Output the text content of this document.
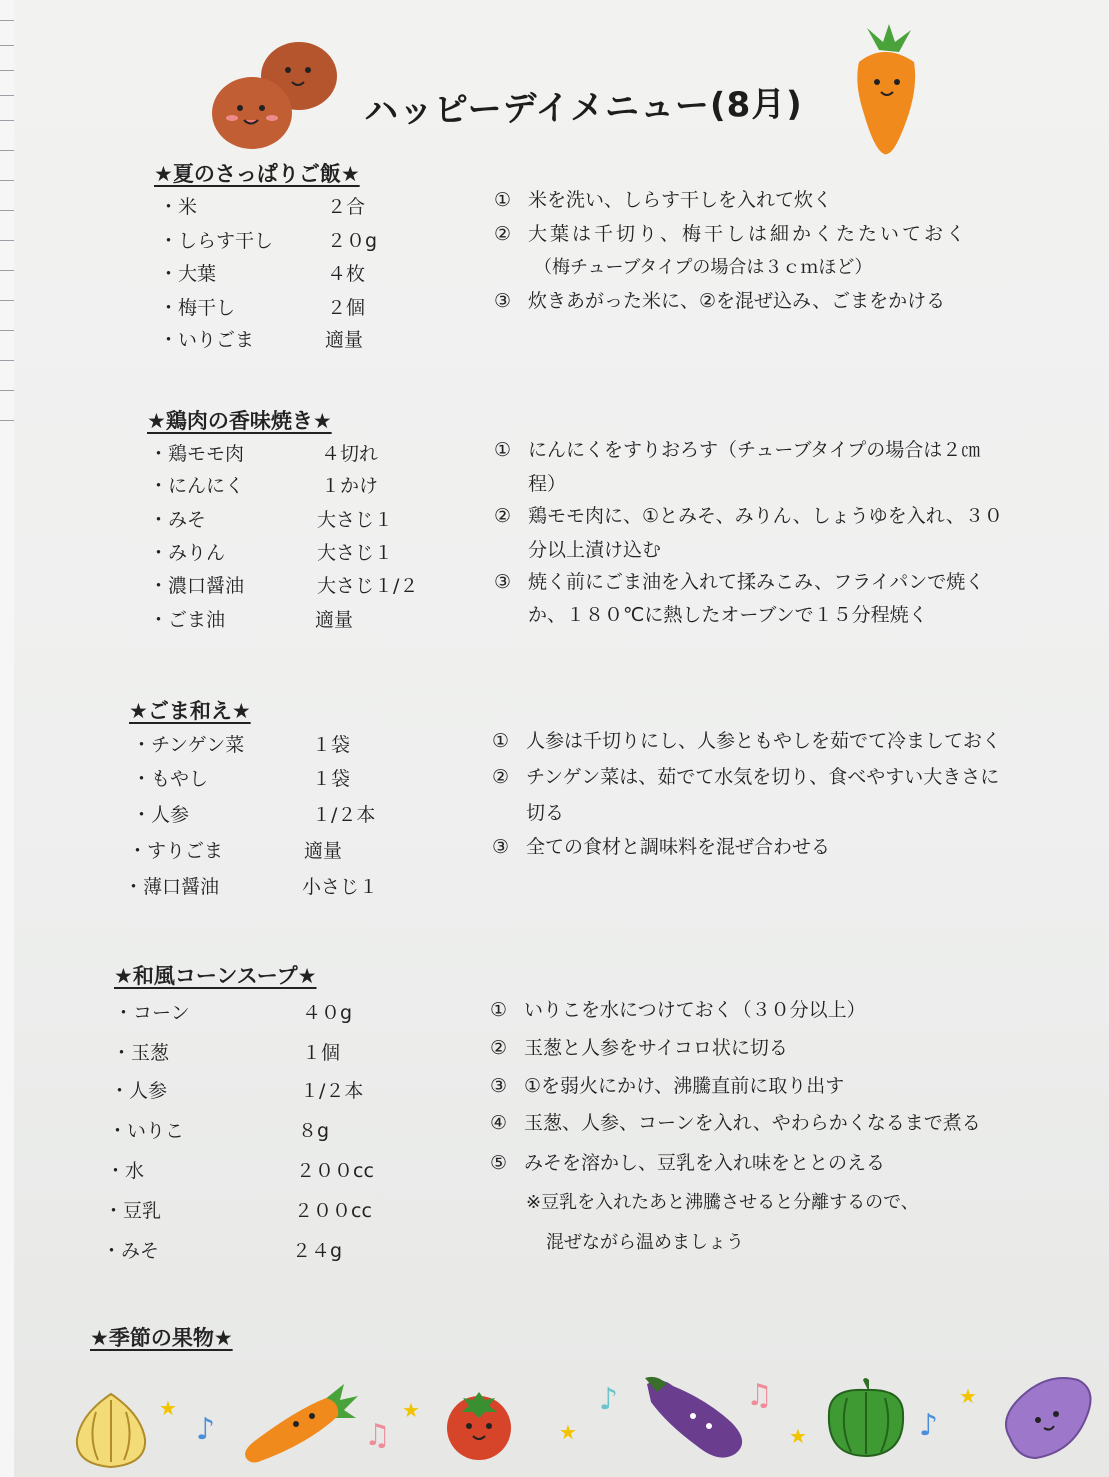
ハッピーデイメニュー(8月)
★夏のさっぱりご飯★
・米	２合
・しらす干し	２０g
・大葉	４枚
・梅干し	２個
・いりごま	適量
① 米を洗い、しらす干しを入れて炊く
② 大葉は千切り、梅干しは細かくたたいておく
（梅チューブタイプの場合は３ｃｍほど）
③ 炊きあがった米に、②を混ぜ込み、ごまをかける
★鶏肉の香味焼き★
・鶏モモ肉	４切れ
・にんにく	１かけ
・みそ	大さじ１
・みりん	大さじ１
・濃口醤油	大さじ１/２
・ごま油	適量
① にんにくをすりおろす（チューブタイプの場合は２㎝
程）
② 鶏モモ肉に、①とみそ、みりん、しょうゆを入れ、３０
分以上漬け込む
③ 焼く前にごま油を入れて揉みこみ、フライパンで焼く
か、１８０℃に熱したオーブンで１５分程焼く
★ごま和え★
・チンゲン菜	１袋
・もやし	１袋
・人参	１/２本
・すりごま	適量
・薄口醤油	小さじ１
① 人参は千切りにし、人参ともやしを茹でて冷ましておく
② チンゲン菜は、茹でて水気を切り、食べやすい大きさに
切る
③ 全ての食材と調味料を混ぜ合わせる
★和風コーンスープ★
・コーン	４０g
・玉葱	１個
・人参	１/２本
・いりこ	８g
・水	２００cc
・豆乳	２００cc
・みそ	２４g
① いりこを水につけておく（３０分以上）
② 玉葱と人参をサイコロ状に切る
③ ①を弱火にかけ、沸騰直前に取り出す
④ 玉葱、人参、コーンを入れ、やわらかくなるまで煮る
⑤ みそを溶かし、豆乳を入れ味をととのえる
※豆乳を入れたあと沸騰させると分離するので、
混ぜながら温めましょう
★季節の果物★
★
♪	♫
★
★
♪	♫
★	♪
★
